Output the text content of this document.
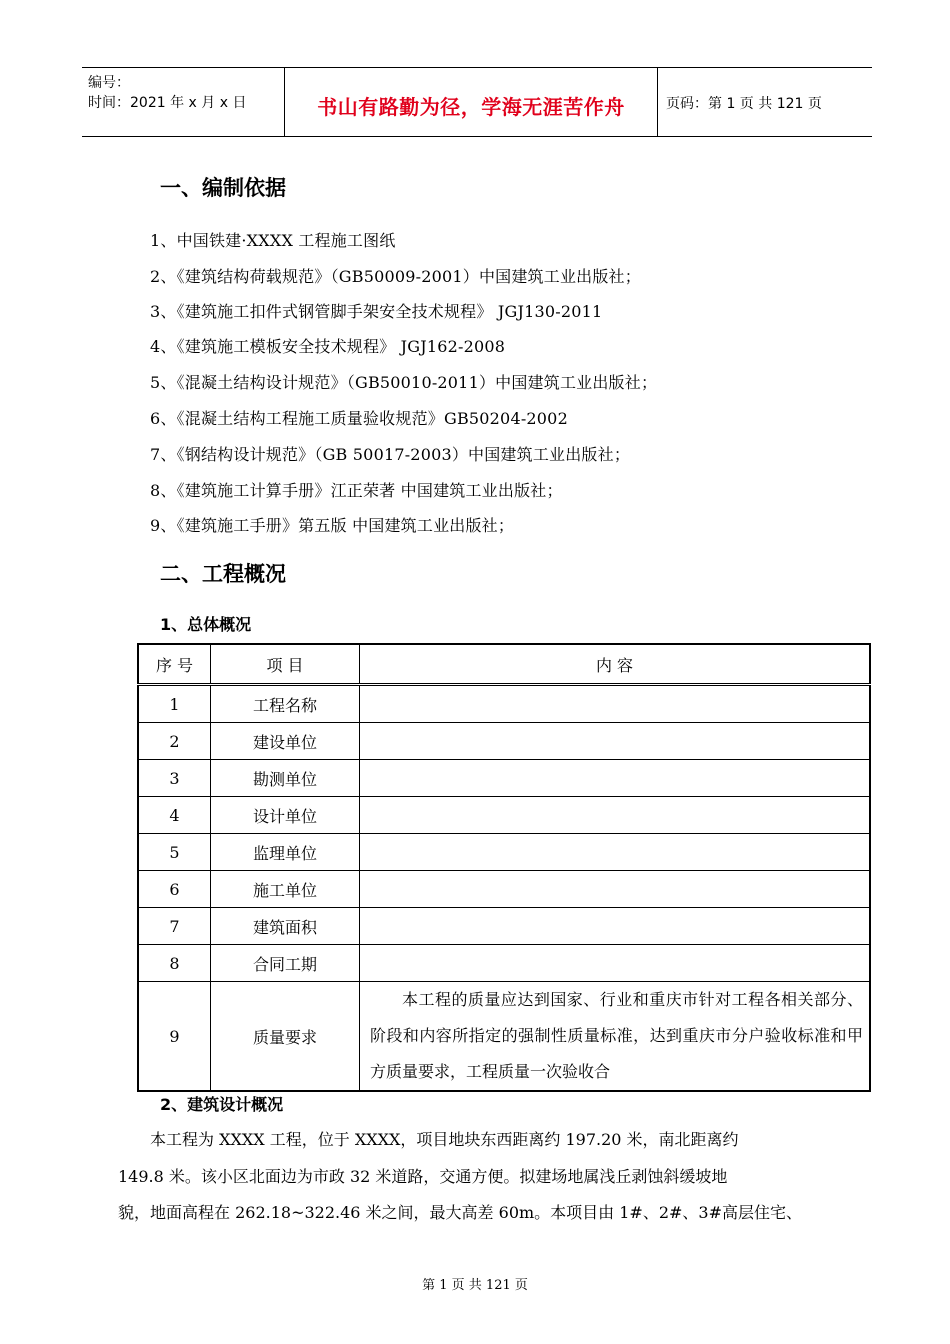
编号：
时间：2021 年 x 月 x 日	书山有路勤为径，学海无涯苦作舟	页码：第 1 页 共 121 页
一、编制依据
1、中国铁建·XXXX 工程施工图纸
2、《建筑结构荷载规范》（GB50009-2001）中国建筑工业出版社；
3、《建筑施工扣件式钢管脚手架安全技术规程》 JGJ130-2011
4、《建筑施工模板安全技术规程》 JGJ162-2008
5、《混凝土结构设计规范》（GB50010-2011）中国建筑工业出版社；
6、《混凝土结构工程施工质量验收规范》GB50204-2002
7、《钢结构设计规范》（GB 50017-2003）中国建筑工业出版社；
8、《建筑施工计算手册》江正荣著 中国建筑工业出版社；
9、《建筑施工手册》第五版 中国建筑工业出版社；
二、工程概况
1、总体概况
序 号	项 目	内 容
1	工程名称	
2	建设单位	
3	勘测单位	
4	设计单位	
5	监理单位	
6	施工单位	
7	建筑面积	
8	合同工期	
9	质量要求	本工程的质量应达到国家、行业和重庆市针对工程各相关部分、阶段和内容所指定的强制性质量标准，达到重庆市分户验收标准和甲方质量要求，工程质量一次验收合
2、建筑设计概况
本工程为 XXXX 工程，位于 XXXX，项目地块东西距离约 197.20 米，南北距离约
149.8 米。该小区北面边为市政 32 米道路，交通方便。拟建场地属浅丘剥蚀斜缓坡地
貌，地面高程在 262.18~322.46 米之间，最大高差 60m。本项目由 1#、2#、3#高层住宅、
第 1 页 共 121 页
